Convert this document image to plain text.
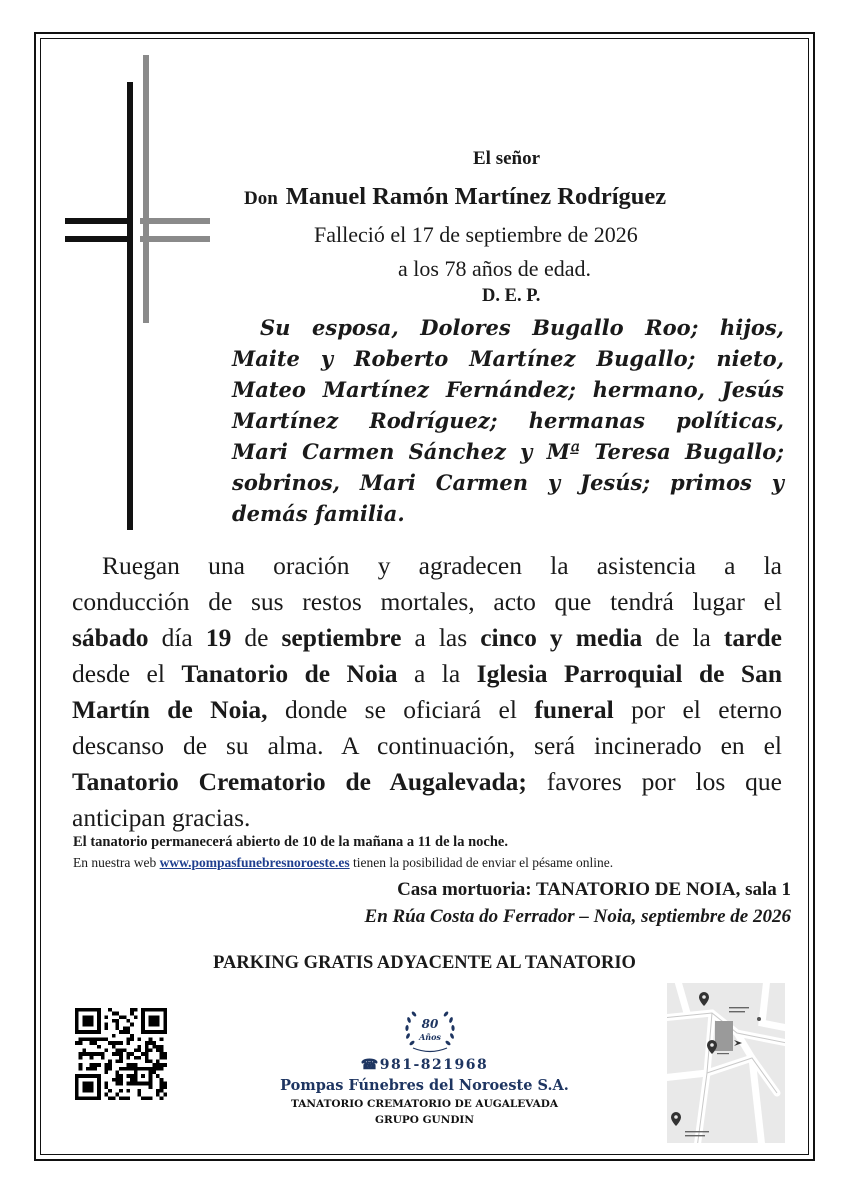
El señor
Don Manuel Ramón Martínez Rodríguez
Falleció el 17 de septiembre de 2026
a los 78 años de edad.
D. E. P.
Su esposa, Dolores Bugallo Roo; hijos,
Maite y Roberto Martínez Bugallo; nieto,
Mateo Martínez Fernández; hermano, Jesús
Martínez Rodríguez; hermanas políticas,
Mari Carmen Sánchez y Mª Teresa Bugallo;
sobrinos, Mari Carmen y Jesús; primos y
demás familia.
Ruegan una oración y agradecen la asistencia a la
conducción de sus restos mortales, acto que tendrá lugar el
sábado día 19 de septiembre a las cinco y media de la tarde
desde el Tanatorio de Noia a la Iglesia Parroquial de San
Martín de Noia, donde se oficiará el funeral por el eterno
descanso de su alma. A continuación, será incinerado en el
Tanatorio Crematorio de Augalevada; favores por los que
anticipan gracias.
El tanatorio permanecerá abierto de 10 de la mañana a 11 de la noche.
En nuestra web www.pompasfunebresnoroeste.es tienen la posibilidad de enviar el pésame online.
Casa mortuoria: TANATORIO DE NOIA, sala 1
En Rúa Costa do Ferrador – Noia, septiembre de 2026
PARKING GRATIS ADYACENTE AL TANATORIO
80
Años
☎981-821968
Pompas Fúnebres del Noroeste S.A.
TANATORIO CREMATORIO DE AUGALEVADA
GRUPO GUNDIN
